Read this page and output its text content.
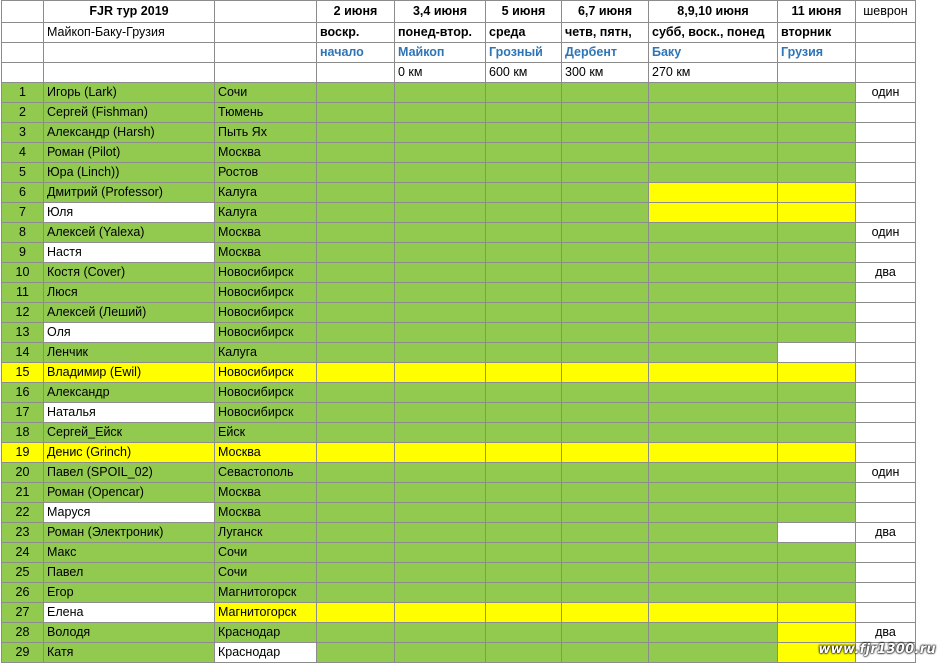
	FJR тур 2019		2 июня	3,4 июня	5 июня	6,7 июня	8,9,10 июня	11 июня	шеврон
	Майкоп-Баку-Грузия		воскр.	понед-втор.	среда	четв, пятн,	субб, воск., понед	вторник	
			начало	Майкоп	Грозный	Дербент	Баку	Грузия	
				0 км	600 км	300 км	270 км		
1	Игорь (Lark)	Сочи							один
2	Сергей (Fishman)	Тюмень							
3	Александр (Harsh)	Пыть Ях							
4	Роман (Pilot)	Москва							
5	Юра (Linch))	Ростов							
6	Дмитрий (Professor)	Калуга							
7	Юля	Калуга							
8	Алексей (Yalexa)	Москва							один
9	Настя	Москва							
10	Костя (Cover)	Новосибирск							два
11	Люся	Новосибирск							
12	Алексей (Леший)	Новосибирск							
13	Оля	Новосибирск							
14	Ленчик	Калуга							
15	Владимир (Ewil)	Новосибирск							
16	Александр	Новосибирск							
17	Наталья	Новосибирск							
18	Сергей_Ейск	Ейск							
19	Денис (Grinch)	Москва							
20	Павел (SPOIL_02)	Севастополь							один
21	Роман (Opencar)	Москва							
22	Маруся	Москва							
23	Роман (Электроник)	Луганск							два
24	Макс	Сочи							
25	Павел	Сочи							
26	Егор	Магнитогорск							
27	Елена	Магнитогорск							
28	Володя	Краснодар							два
29	Катя	Краснодар								www.fjr1300.ru
